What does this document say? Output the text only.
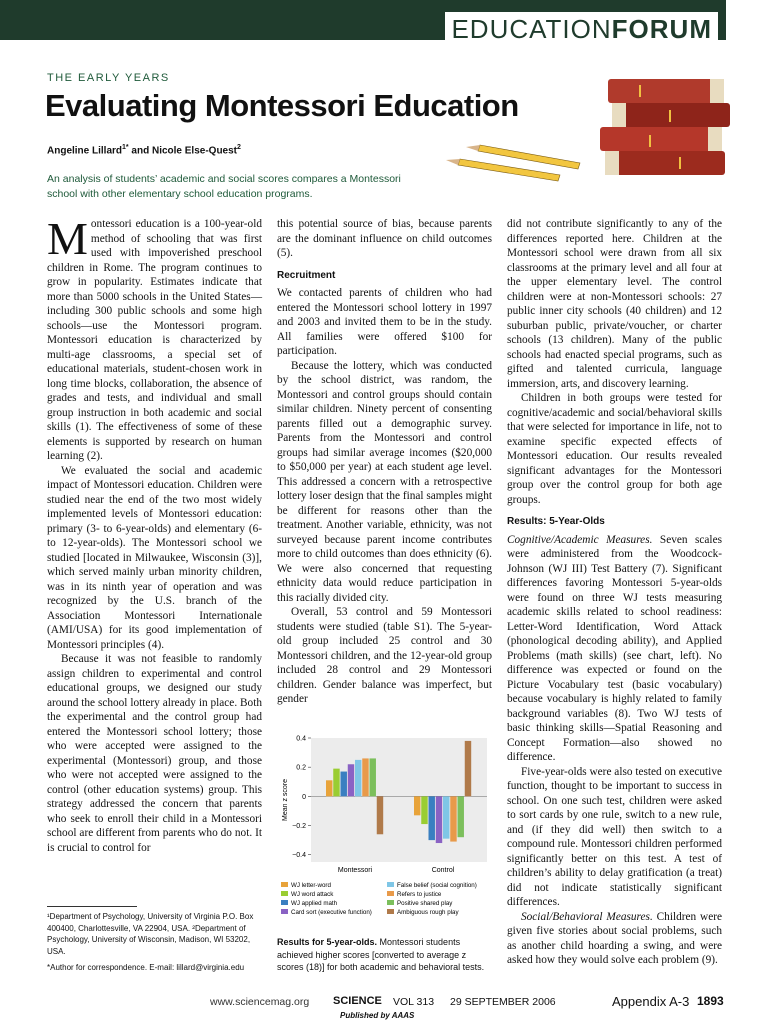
EDUCATIONFORUM
THE EARLY YEARS
Evaluating Montessori Education
Angeline Lillard$^{1*}$ and Nicole Else-Quest$^2$
An analysis of students’ academic and social scores compares a Montessori school with other elementary school education programs.

Montessori education is a 100-year-old method of schooling that was first used with impoverished preschool children in Rome. The program continues to grow in popularity. Estimates indicate that more than 5000 schools in the United States—including 300 public schools and some high schools—use the Montessori program. Montessori education is characterized by multi-age classrooms, a special set of educational materials, student-chosen work in long time blocks, collaboration, the absence of grades and tests, and individual and small group instruction in both academic and social skills (1). The effectiveness of some of these elements is supported by research on human learning (2).

We evaluated the social and academic impact of Montessori education. Children were studied near the end of the two most widely implemented levels of Montessori education: primary (3- to 6-year-olds) and elementary (6- to 12-year-olds). The Montessori school we studied [located in Milwaukee, Wisconsin (3)], which served mainly urban minority children, was in its ninth year of operation and was recognized by the U.S. branch of the Association Montessori Internationale (AMI/USA) for its good implementation of Montessori principles (4).

Because it was not feasible to randomly assign children to experimental and control educational groups, we designed our study around the school lottery already in place. Both the experimental and the control group had entered the Montessori school lottery; those who were accepted were assigned to the experimental (Montessori) group, and those who were not accepted were assigned to the control (other education systems) group. This strategy addressed the concern that parents who seek to enroll their child in a Montessori school are different from parents who do not. It is crucial to control for

¹Department of Psychology, University of Virginia P.O. Box 400400, Charlottesville, VA 22904, USA. ²Department of Psychology, University of Wisconsin, Madison, WI 53202, USA.

*Author for correspondence. E-mail: lillard@virginia.edu

this potential source of bias, because parents are the dominant influence on child outcomes (5).

Recruitment

We contacted parents of children who had entered the Montessori school lottery in 1997 and 2003 and invited them to be in the study. All families were offered $100 for participation.

Because the lottery, which was conducted by the school district, was random, the Montessori and control groups should contain similar children. Ninety percent of consenting parents filled out a demographic survey. Parents from the Montessori and control groups had similar average incomes ($20,000 to $50,000 per year) at each student age level. This addressed a concern with a retrospective lottery loser design that the final samples might be different for reasons other than the treatment. Another variable, ethnicity, was not surveyed because parent income contributes more to child outcomes than does ethnicity (6). We were also concerned that requesting ethnicity data would reduce participation in this racially divided city.

Overall, 53 control and 59 Montessori students were studied (table S1). The 5-year-old group included 25 control and 30 Montessori children, and the 12-year-old group included 28 control and 29 Montessori children. Gender balance was imperfect, but gender

−0.4
−0.2
0
0.2
0.4
Mean z score
Montessori	Control
WJ letter-word
WJ word attack
WJ applied math
Card sort (executive function)
False belief (social cognition)
Refers to justice
Positive shared play
Ambiguous rough play
Results for 5-year-olds. Montessori students achieved higher scores [converted to average z scores (18)] for both academic and behavioral tests.

did not contribute significantly to any of the differences reported here. Children at the Montessori school were drawn from all six classrooms at the primary level and all four at the upper elementary level. The control children were at non-Montessori schools: 27 public inner city schools (40 children) and 12 suburban public, private/voucher, or charter schools (13 children). Many of the public schools had enacted special programs, such as gifted and talented curricula, language immersion, arts, and discovery learning.

Children in both groups were tested for cognitive/academic and social/behavioral skills that were selected for importance in life, not to examine specific expected effects of Montessori education. Our results revealed significant advantages for the Montessori group over the control group for both age groups.

Results: 5-Year-Olds

Cognitive/Academic Measures. Seven scales were administered from the Woodcock-Johnson (WJ III) Test Battery (7). Significant differences favoring Montessori 5-year-olds were found on three WJ tests measuring academic skills related to school readiness: Letter-Word Identification, Word Attack (phonological decoding ability), and Applied Problems (math skills) (see chart, left). No difference was expected or found on the Picture Vocabulary test (basic vocabulary) because vocabulary is highly related to family background variables (8). Two WJ tests of basic thinking skills—Spatial Reasoning and Concept Formation—also showed no difference.

Five-year-olds were also tested on executive function, thought to be important to success in school. On one such test, children were asked to sort cards by one rule, switch to a new rule, and (if they did well) then switch to a compound rule. Montessori children performed significantly better on this test. A test of children’s ability to delay gratification (a treat) did not indicate statistically significant differences.

Social/Behavioral Measures. Children were given five stories about social problems, such as another child hoarding a swing, and were asked how they would solve each problem (9).

www.sciencemag.org SCIENCE VOL 313 29 SEPTEMBER 2006	Appendix A-3 1893
Published by AAAS
